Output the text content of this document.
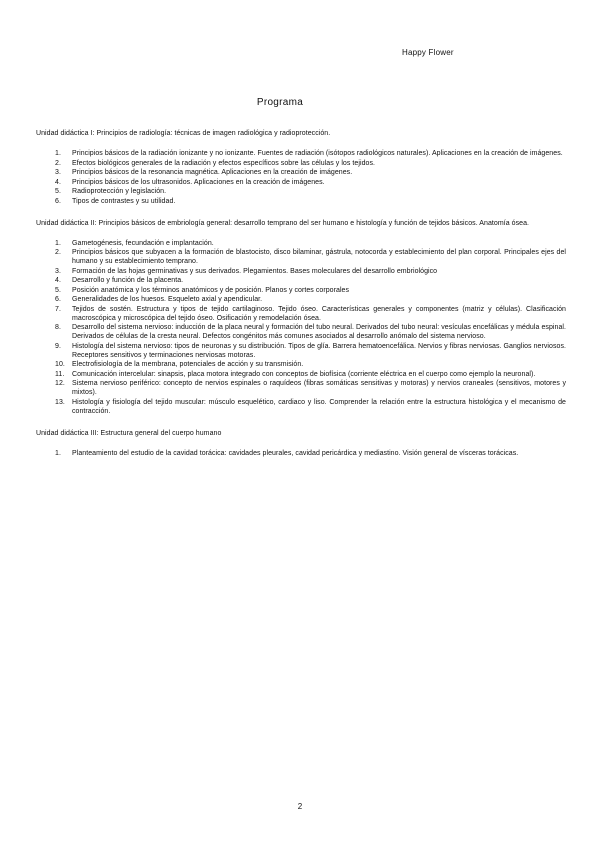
Happy Flower
Programa
Unidad didáctica I: Principios de radiología: técnicas de imagen radiológica y radioprotección.
1. Principios básicos de la radiación ionizante y no ionizante. Fuentes de radiación (isótopos radiológicos naturales). Aplicaciones en la creación de imágenes.
2. Efectos biológicos generales de la radiación y efectos específicos sobre las células y los tejidos.
3. Principios básicos de la resonancia magnética. Aplicaciones en la creación de imágenes.
4. Principios básicos de los ultrasonidos. Aplicaciones en la creación de imágenes.
5. Radioprotección y legislación.
6. Tipos de contrastes y su utilidad.
Unidad didáctica II: Principios básicos de embriología general: desarrollo temprano del ser humano e histología y función de tejidos básicos. Anatomía ósea.
1. Gametogénesis, fecundación e implantación.
2. Principios básicos que subyacen a la formación de blastocisto, disco bilaminar, gástrula, notocorda y establecimiento del plan corporal. Principales ejes del humano y su establecimiento temprano.
3. Formación de las hojas germinativas y sus derivados. Plegamientos. Bases moleculares del desarrollo embriológico
4. Desarrollo y función de la placenta.
5. Posición anatómica y los términos anatómicos y de posición. Planos y cortes corporales
6. Generalidades de los huesos. Esqueleto axial y apendicular.
7. Tejidos de sostén. Estructura y tipos de tejido cartilaginoso. Tejido óseo. Características generales y componentes (matriz y células). Clasificación macroscópica y microscópica del tejido óseo. Osificación y remodelación ósea.
8. Desarrollo del sistema nervioso: inducción de la placa neural y formación del tubo neural. Derivados del tubo neural: vesículas encefálicas y médula espinal. Derivados de células de la cresta neural. Defectos congénitos más comunes asociados al desarrollo anómalo del sistema nervioso.
9. Histología del sistema nervioso: tipos de neuronas y su distribución. Tipos de glía. Barrera hematoencefálica. Nervios y fibras nerviosas. Ganglios nerviosos. Receptores sensitivos y terminaciones nerviosas motoras.
10. Electrofisiología de la membrana, potenciales de acción y su transmisión.
11. Comunicación intercelular: sinapsis, placa motora integrado con conceptos de biofísica (corriente eléctrica en el cuerpo como ejemplo la neuronal).
12. Sistema nervioso periférico: concepto de nervios espinales o raquídeos (fibras somáticas sensitivas y motoras) y nervios craneales (sensitivos, motores y mixtos).
13. Histología y fisiología del tejido muscular: músculo esquelético, cardiaco y liso. Comprender la relación entre la estructura histológica y el mecanismo de contracción.
Unidad didáctica III: Estructura general del cuerpo humano
1. Planteamiento del estudio de la cavidad torácica: cavidades pleurales, cavidad pericárdica y mediastino. Visión general de vísceras torácicas.
2
